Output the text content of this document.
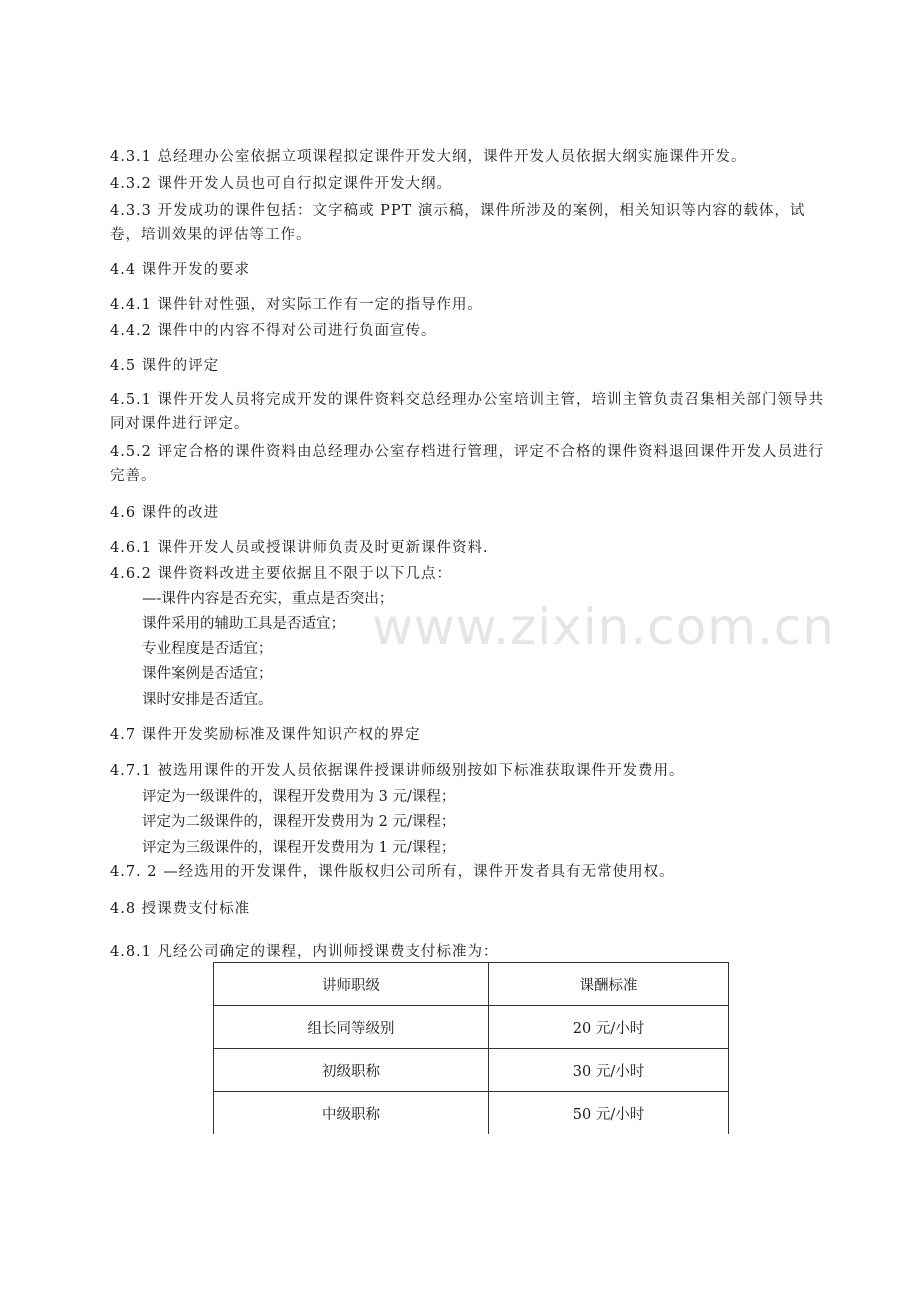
www.zixin.com.cn
4.3.1 总经理办公室依据立项课程拟定课件开发大纲，课件开发人员依据大纲实施课件开发。
4.3.2 课件开发人员也可自行拟定课件开发大纲。
4.3.3 开发成功的课件包括：文字稿或 PPT 演示稿，课件所涉及的案例，相关知识等内容的载体，试卷，培训效果的评估等工作。
4.4 课件开发的要求
4.4.1 课件针对性强，对实际工作有一定的指导作用。
4.4.2 课件中的内容不得对公司进行负面宣传。
4.5 课件的评定
4.5.1 课件开发人员将完成开发的课件资料交总经理办公室培训主管，培训主管负责召集相关部门领导共同对课件进行评定。
4.5.2 评定合格的课件资料由总经理办公室存档进行管理，评定不合格的课件资料退回课件开发人员进行完善。
4.6 课件的改进
4.6.1 课件开发人员或授课讲师负责及时更新课件资料.
4.6.2 课件资料改进主要依据且不限于以下几点：
—-课件内容是否充实，重点是否突出；
课件采用的辅助工具是否适宜；
专业程度是否适宜；
课件案例是否适宜；
课时安排是否适宜。
4.7 课件开发奖励标准及课件知识产权的界定
4.7.1 被选用课件的开发人员依据课件授课讲师级别按如下标准获取课件开发费用。
评定为一级课件的，课程开发费用为 3 元/课程；
评定为二级课件的，课程开发费用为 2 元/课程；
评定为三级课件的，课程开发费用为 1 元/课程；
4.7. 2 —经选用的开发课件，课件版权归公司所有，课件开发者具有无常使用权。
4.8 授课费支付标准
4.8.1 凡经公司确定的课程，内训师授课费支付标准为：
讲师职级	课酬标准
组长同等级别	20 元/小时
初级职称	30 元/小时
中级职称	50 元/小时
